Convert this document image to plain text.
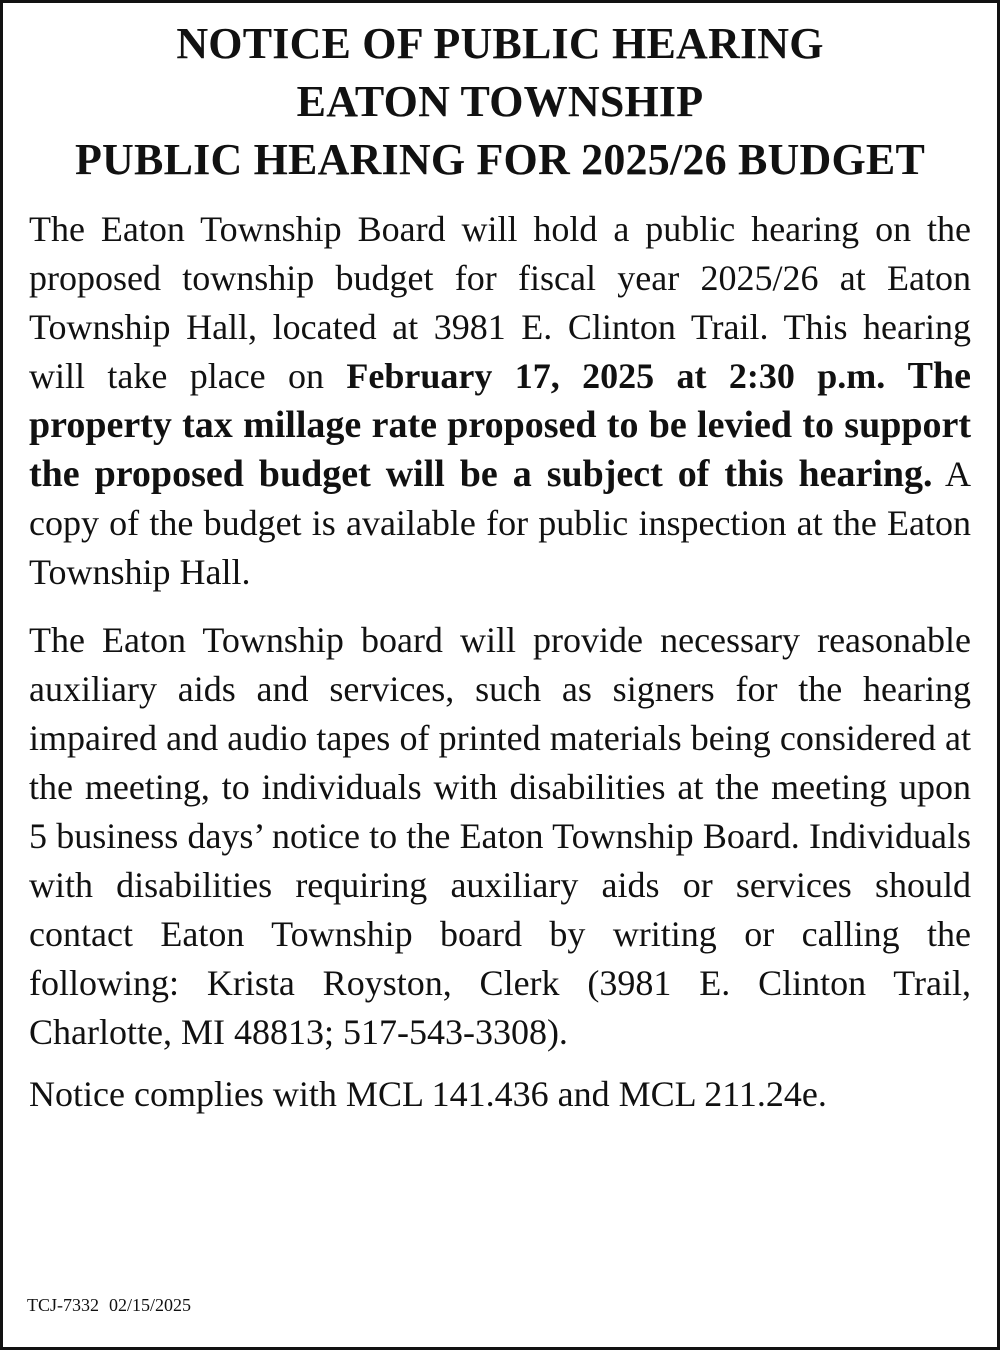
NOTICE OF PUBLIC HEARING
EATON TOWNSHIP
PUBLIC HEARING FOR 2025/26 BUDGET

The Eaton Township Board will hold a public hearing on the proposed township budget for fiscal year 2025/26 at Eaton Township Hall, located at 3981 E. Clinton Trail. This hearing will take place on February 17, 2025 at 2:30 p.m. The property tax millage rate proposed to be levied to support the proposed budget will be a subject of this hearing. A copy of the budget is available for public inspection at the Eaton Township Hall.

The Eaton Township board will provide necessary reasonable auxiliary aids and services, such as signers for the hearing impaired and audio tapes of printed materials being considered at the meeting, to individuals with disabilities at the meeting upon 5 business days’ notice to the Eaton Township Board. Individuals with disabilities requiring auxiliary aids or services should contact Eaton Township board by writing or calling the following: Krista Royston, Clerk (3981 E. Clinton Trail, Charlotte, MI 48813; 517-543-3308).

Notice complies with MCL 141.436 and MCL 211.24e.

TCJ-7332 02/15/2025
